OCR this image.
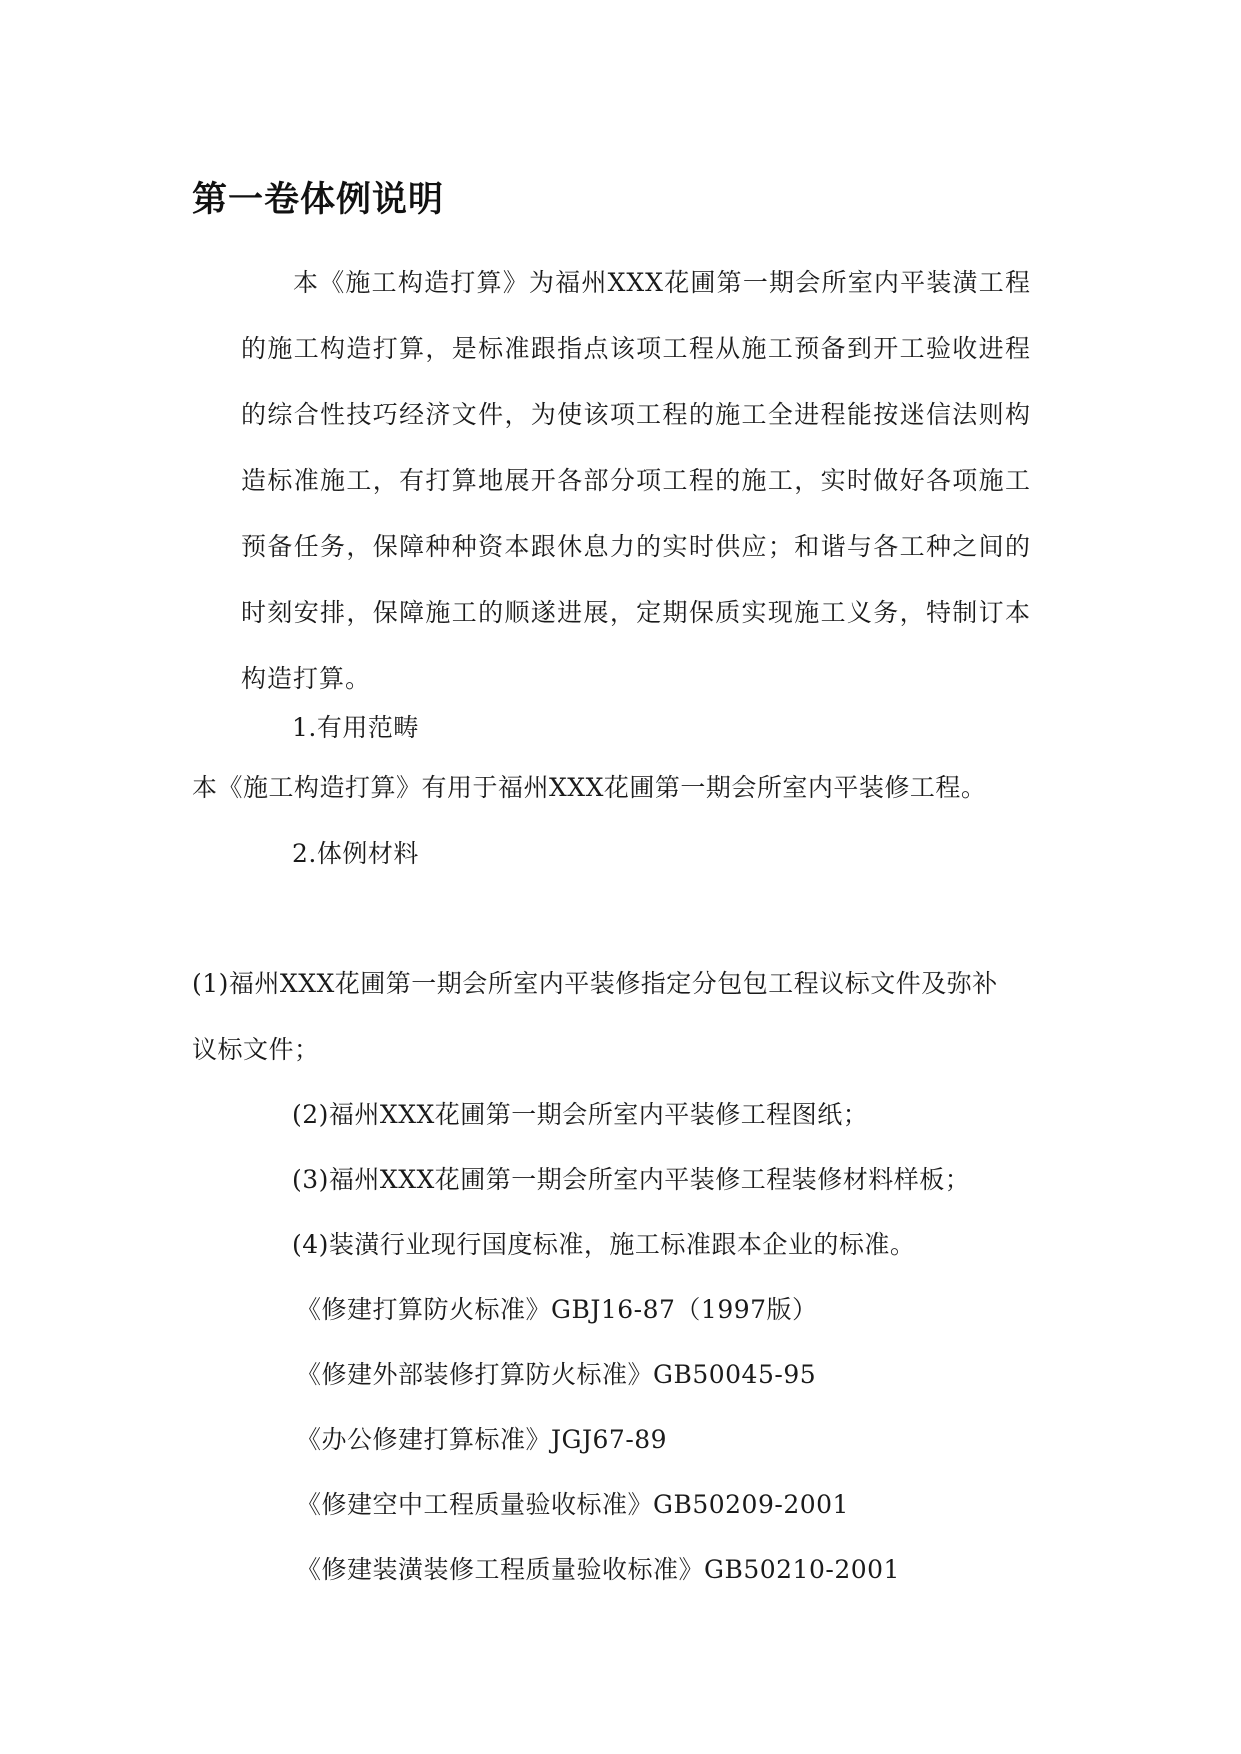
第一卷体例说明

本《施工构造打算》为福州XXX花圃第一期会所室内平装潢工程的施工构造打算，是标准跟指点该项工程从施工预备到开工验收进程的综合性技巧经济文件，为使该项工程的施工全进程能按迷信法则构造标准施工，有打算地展开各部分项工程的施工，实时做好各项施工预备任务，保障种种资本跟休息力的实时供应；和谐与各工种之间的时刻安排，保障施工的顺遂进展，定期保质实现施工义务，特制订本构造打算。

1.有用范畴

本《施工构造打算》有用于福州XXX花圃第一期会所室内平装修工程。

2.体例材料

(1)福州XXX花圃第一期会所室内平装修指定分包包工程议标文件及弥补

议标文件；

(2)福州XXX花圃第一期会所室内平装修工程图纸；

(3)福州XXX花圃第一期会所室内平装修工程装修材料样板；

(4)装潢行业现行国度标准，施工标准跟本企业的标准。

《修建打算防火标准》GBJ16-87（1997版）

《修建外部装修打算防火标准》GB50045-95

《办公修建打算标准》JGJ67-89

《修建空中工程质量验收标准》GB50209-2001

《修建装潢装修工程质量验收标准》GB50210-2001
